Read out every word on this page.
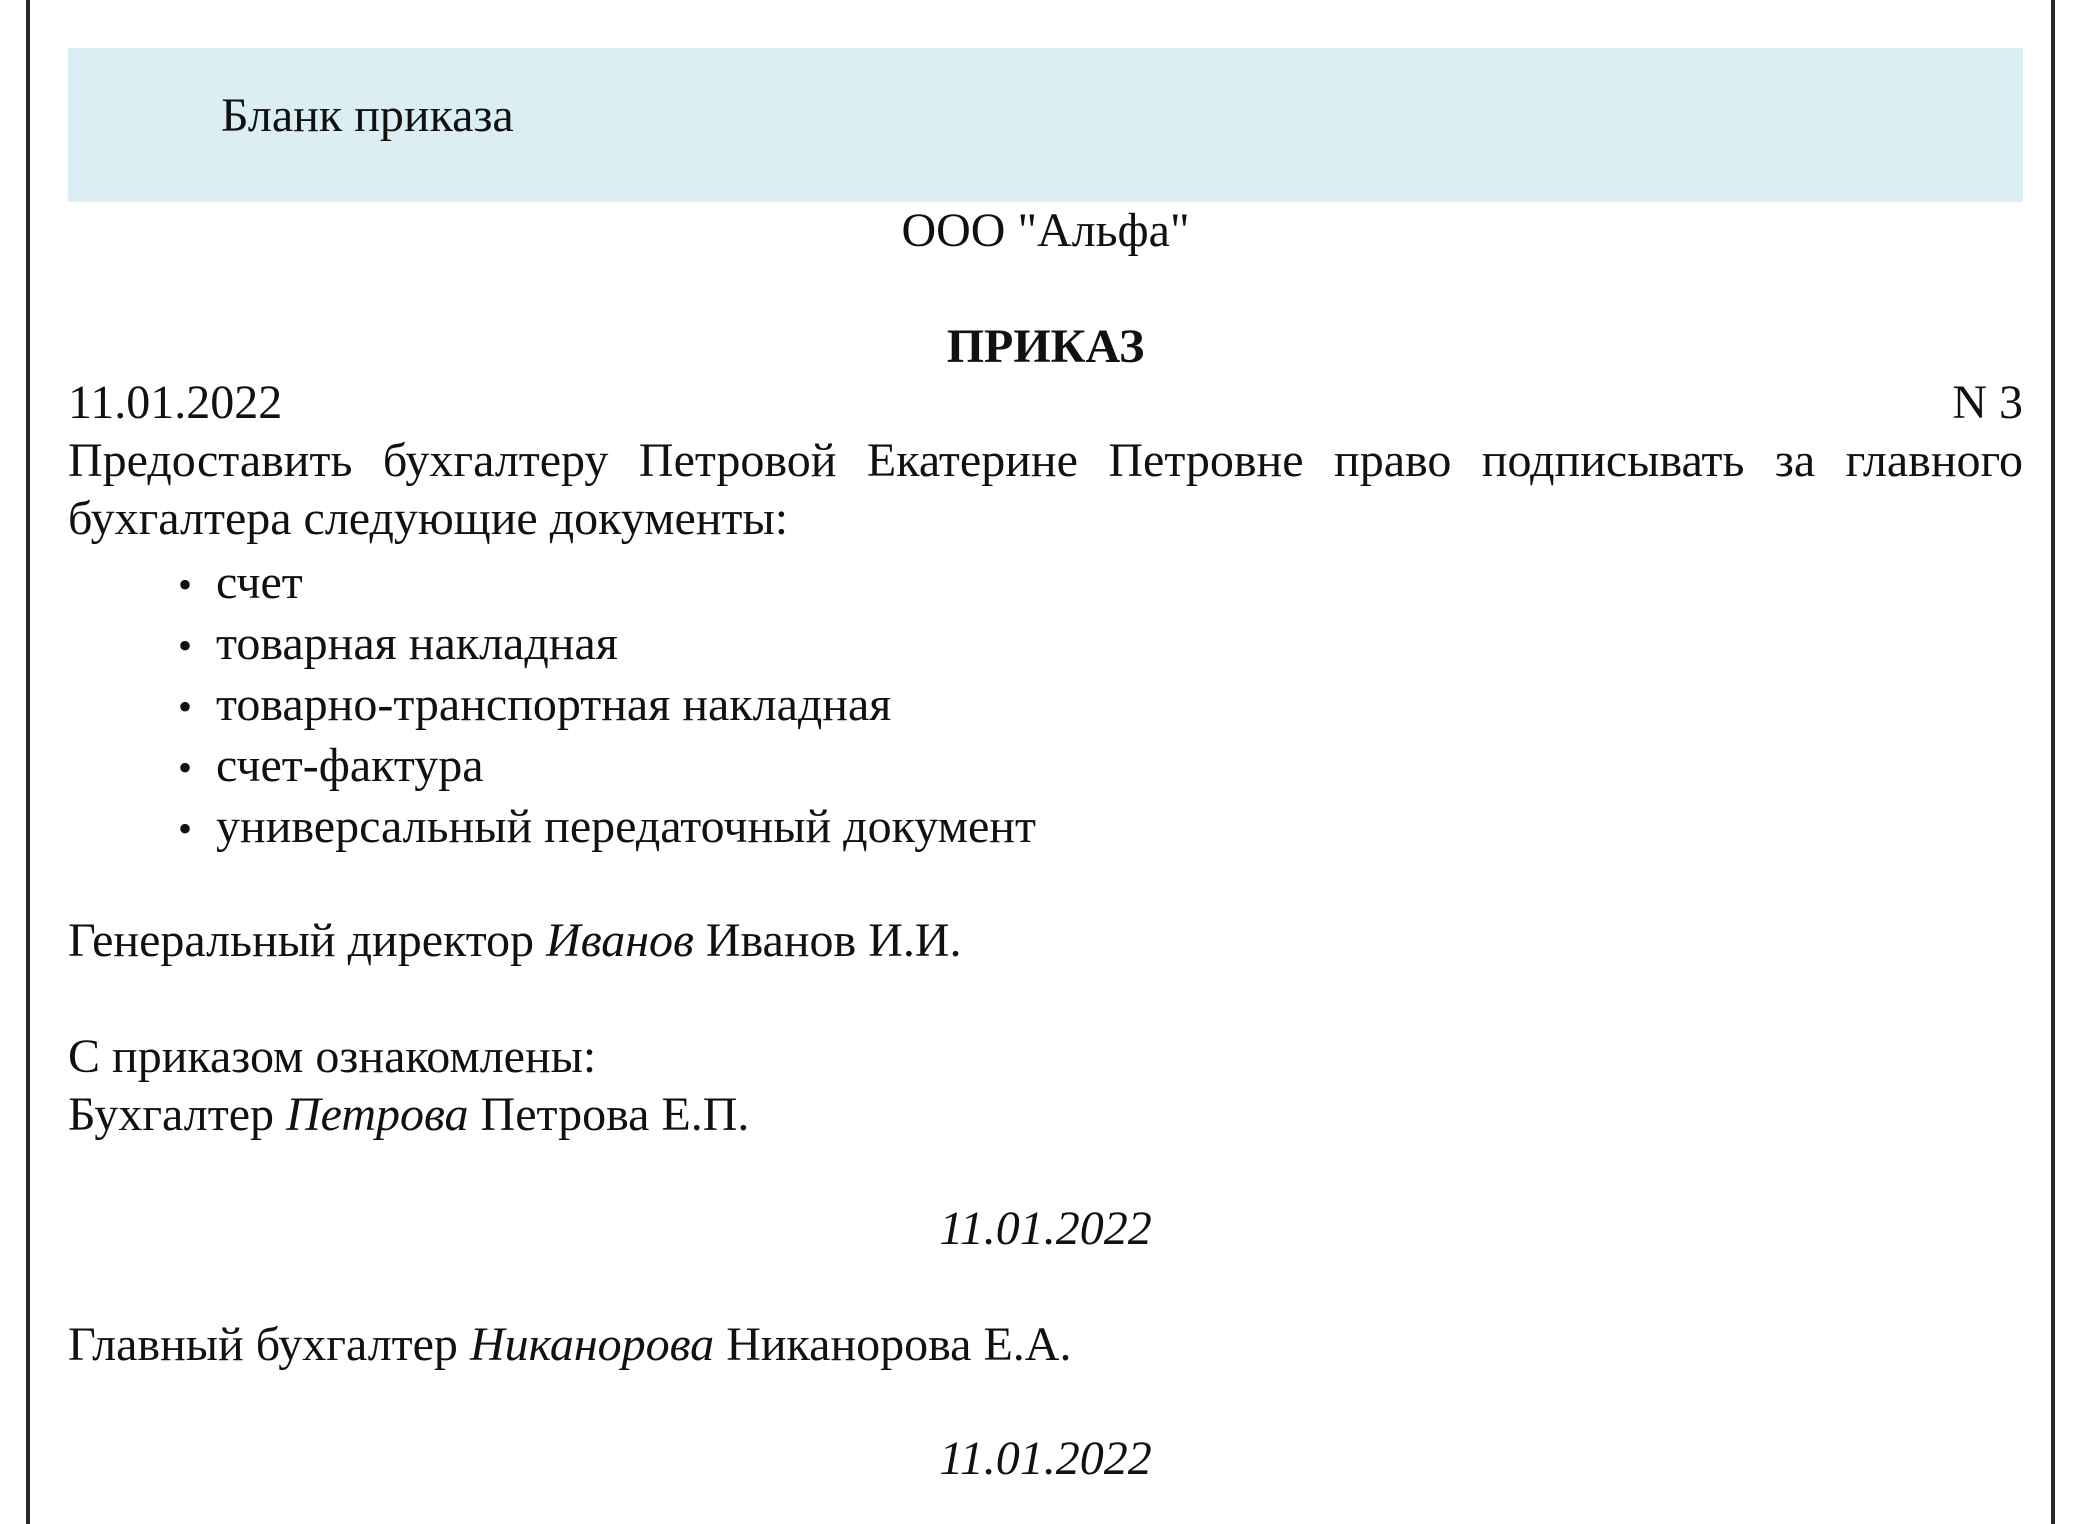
Бланк приказа
ООО "Альфа"
ПРИКАЗ
11.01.2022	N 3
Предоставить бухгалтеру Петровой Екатерине Петровне право подписывать за главного бухгалтера следующие документы:
• счет
• товарная накладная
• товарно-транспортная накладная
• счет-фактура
• универсальный передаточный документ
Генеральный директор Иванов Иванов И.И.
С приказом ознакомлены:
Бухгалтер Петрова Петрова Е.П.
11.01.2022
Главный бухгалтер Никанорова Никанорова Е.А.
11.01.2022
